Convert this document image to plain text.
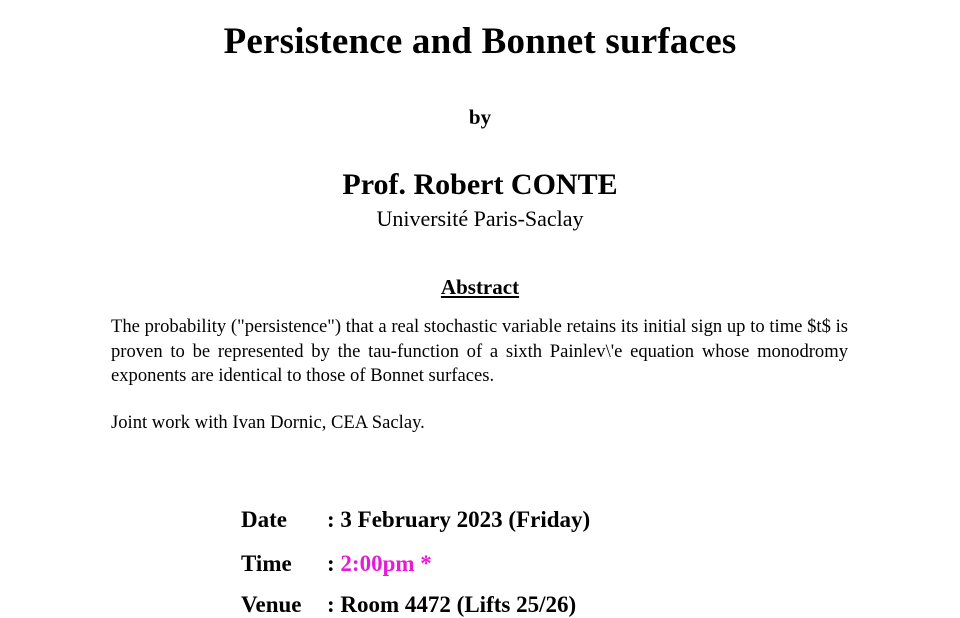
Persistence and Bonnet surfaces
by
Prof. Robert CONTE
Université Paris-Saclay
Abstract
The probability ("persistence") that a real stochastic variable retains its initial sign up to time $t$ is proven to be represented by the tau-function of a sixth Painlev\'e equation whose monodromy exponents are identical to those of Bonnet surfaces.
Joint work with Ivan Dornic, CEA Saclay.
Date : 3 February 2023 (Friday)
Time : 2:00pm *
Venue : Room 4472 (Lifts 25/26)
